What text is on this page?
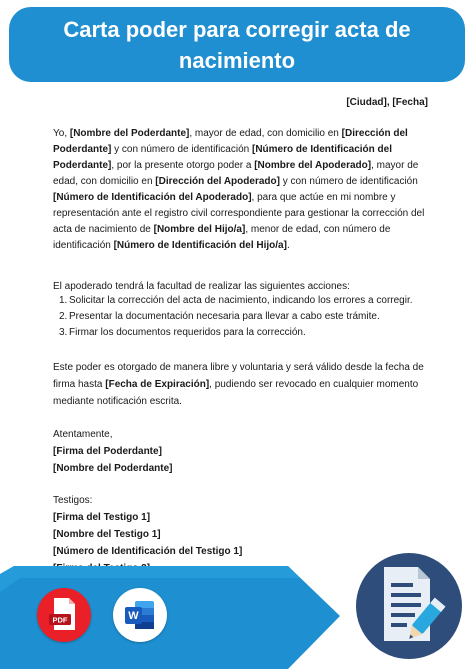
Carta poder para corregir acta de nacimiento
[Ciudad], [Fecha]

Yo, [Nombre del Poderdante], mayor de edad, con domicilio en [Dirección del Poderdante] y con número de identificación [Número de Identificación del Poderdante], por la presente otorgo poder a [Nombre del Apoderado], mayor de edad, con domicilio en [Dirección del Apoderado] y con número de identificación [Número de Identificación del Apoderado], para que actúe en mi nombre y representación ante el registro civil correspondiente para gestionar la corrección del acta de nacimiento de [Nombre del Hijo/a], menor de edad, con número de identificación [Número de Identificación del Hijo/a].

El apoderado tendrá la facultad de realizar las siguientes acciones:
1. Solicitar la corrección del acta de nacimiento, indicando los errores a corregir.
2. Presentar la documentación necesaria para llevar a cabo este trámite.
3. Firmar los documentos requeridos para la corrección.
Este poder es otorgado de manera libre y voluntaria y será válido desde la fecha de firma hasta [Fecha de Expiración], pudiendo ser revocado en cualquier momento mediante notificación escrita.
Atentamente,
[Firma del Poderdante]
[Nombre del Poderdante]
Testigos:
[Firma del Testigo 1]
[Nombre del Testigo 1]
[Número de Identificación del Testigo 1]
PDF	W
